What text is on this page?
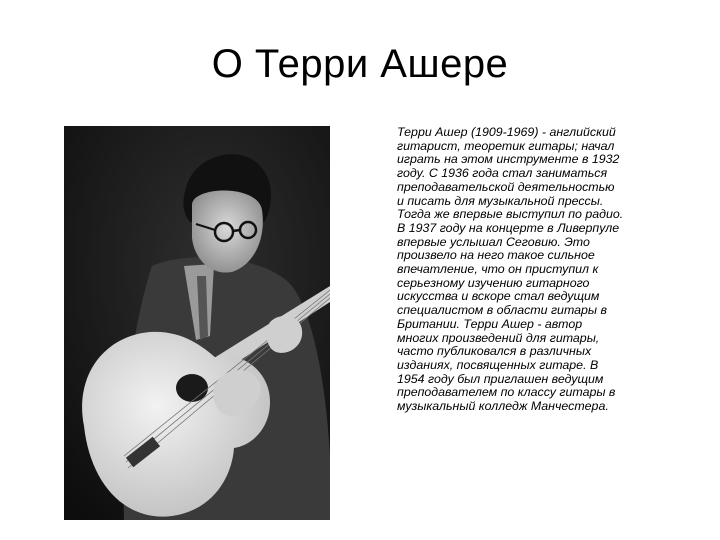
О Терри Ашере

Терри Ашер (1909-1969) - английский
гитарист, теоретик гитары; начал
играть на этом инструменте в 1932
году. С 1936 года стал заниматься
преподавательской деятельностью
и писать для музыкальной прессы.
Тогда же впервые выступил по радио.
В 1937 году на концерте в Ливерпуле
впервые услышал Сеговию. Это
произвело на него такое сильное
впечатление, что он приступил к
серьезному изучению гитарного
искусства и вскоре стал ведущим
специалистом в области гитары в
Британии. Терри Ашер - автор
многих произведений для гитары,
часто публиковался в различных
изданиях, посвященных гитаре. В
1954 году был приглашен ведущим
преподавателем по классу гитары в
музыкальный колледж Манчестера.
